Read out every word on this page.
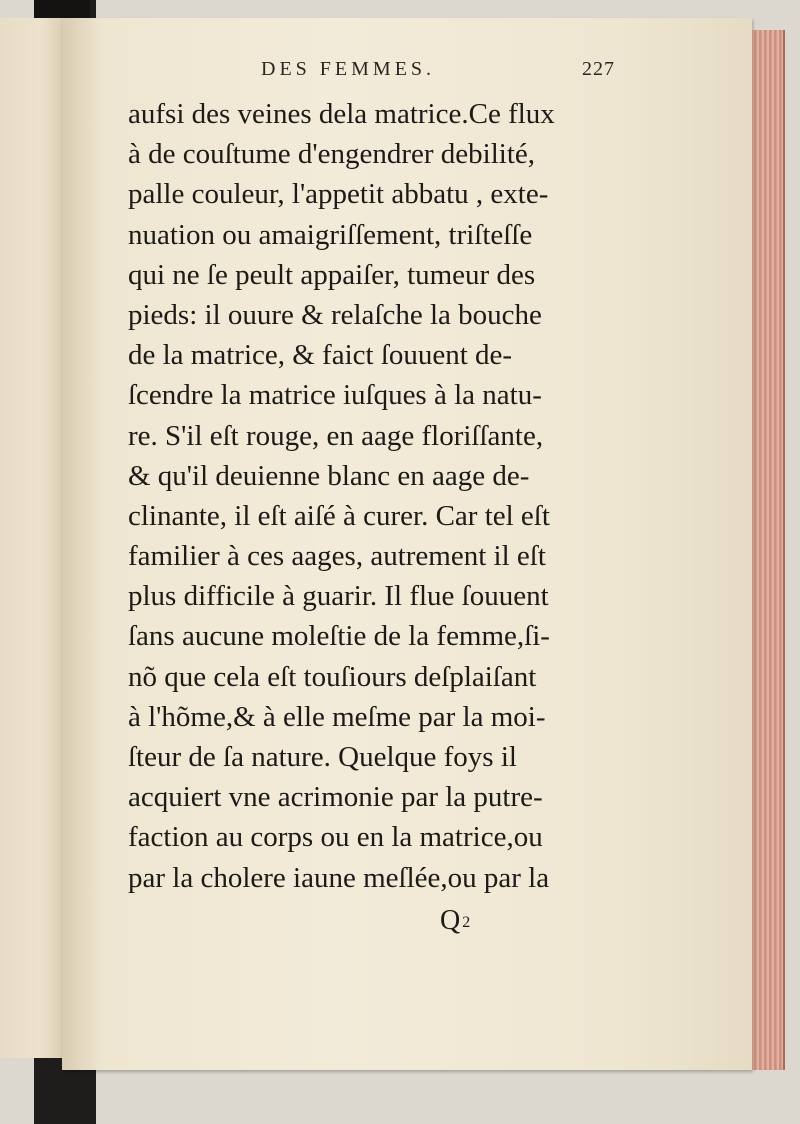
DES FEMMES.	227
aufsi des veines dela matrice.Ce flux
à de couſtume d'engendrer debilité,
palle couleur, l'appetit abbatu , exte-
nuation ou amaigriſſement, triſteſſe
qui ne ſe peult appaiſer, tumeur des
pieds: il ouure & relaſche la bouche
de la matrice, & faict ſouuent de-
ſcendre la matrice iuſques à la natu-
re. S'il eſt rouge, en aage floriſſante,
& qu'il deuienne blanc en aage de-
clinante, il eſt aiſé à curer. Car tel eſt
familier à ces aages, autrement il eſt
plus difficile à guarir. Il flue ſouuent
ſans aucune moleſtie de la femme,ſi-
nõ que cela eſt touſiours deſplaiſant
à l'hõme,& à elle meſme par la moi-
ſteur de ſa nature. Quelque foys il
acquiert vne acrimonie par la putre-
faction au corps ou en la matrice,ou
par la cholere iaune meſlée,ou par la
Q 2
